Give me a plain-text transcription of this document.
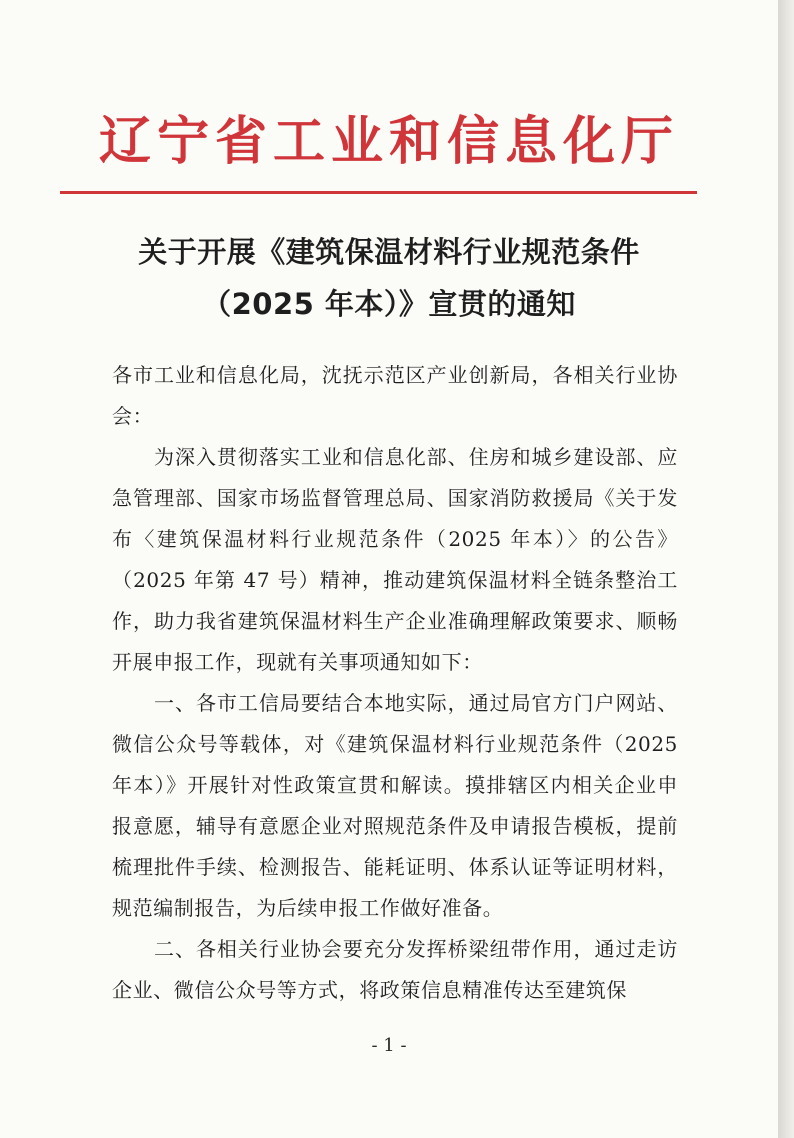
辽宁省工业和信息化厅
关于开展《建筑保温材料行业规范条件
（2025 年本）》宣贯的通知

各市工业和信息化局，沈抚示范区产业创新局，各相关行业协会：

为深入贯彻落实工业和信息化部、住房和城乡建设部、应急管理部、国家市场监督管理总局、国家消防救援局《关于发布〈建筑保温材料行业规范条件（2025 年本）〉的公告》（2025 年第 47 号）精神，推动建筑保温材料全链条整治工作，助力我省建筑保温材料生产企业准确理解政策要求、顺畅开展申报工作，现就有关事项通知如下：

一、各市工信局要结合本地实际，通过局官方门户网站、微信公众号等载体，对《建筑保温材料行业规范条件（2025 年本）》开展针对性政策宣贯和解读。摸排辖区内相关企业申报意愿，辅导有意愿企业对照规范条件及申请报告模板，提前梳理批件手续、检测报告、能耗证明、体系认证等证明材料，规范编制报告，为后续申报工作做好准备。

二、各相关行业协会要充分发挥桥梁纽带作用，通过走访企业、微信公众号等方式，将政策信息精准传达至建筑保

- 1 -
